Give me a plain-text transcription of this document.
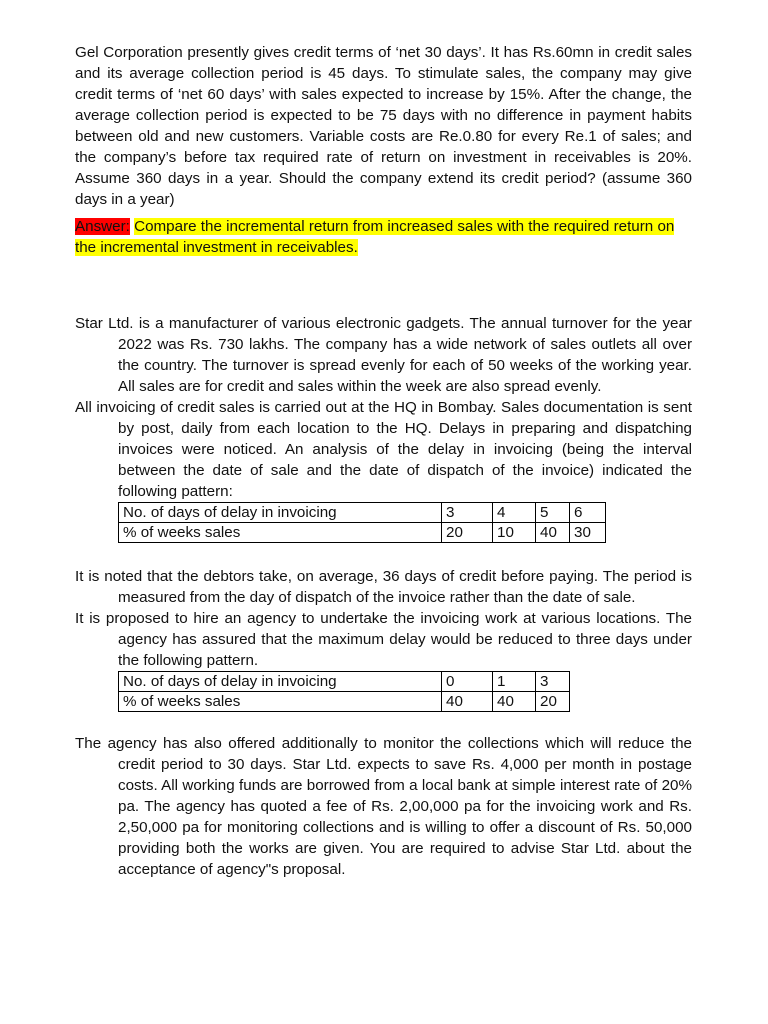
Gel Corporation presently gives credit terms of ‘net 30 days’. It has Rs.60mn in credit sales and its average collection period is 45 days. To stimulate sales, the company may give credit terms of ‘net 60 days’ with sales expected to increase by 15%. After the change, the average collection period is expected to be 75 days with no difference in payment habits between old and new customers. Variable costs are Re.0.80 for every Re.1 of sales; and the company’s before tax required rate of return on investment in receivables is 20%. Assume 360 days in a year. Should the company extend its credit period? (assume 360 days in a year)

Answer: Compare the incremental return from increased sales with the required return on the incremental investment in receivables.

Star Ltd. is a manufacturer of various electronic gadgets. The annual turnover for the year 2022 was Rs. 730 lakhs. The company has a wide network of sales outlets all over the country. The turnover is spread evenly for each of 50 weeks of the working year. All sales are for credit and sales within the week are also spread evenly.

All invoicing of credit sales is carried out at the HQ in Bombay. Sales documentation is sent by post, daily from each location to the HQ. Delays in preparing and dispatching invoices were noticed. An analysis of the delay in invoicing (being the interval between the date of sale and the date of dispatch of the invoice) indicated the following pattern:

No. of days of delay in invoicing	3	4	5	6
% of weeks sales	20	10	40	30

It is noted that the debtors take, on average, 36 days of credit before paying. The period is measured from the day of dispatch of the invoice rather than the date of sale.

It is proposed to hire an agency to undertake the invoicing work at various locations. The agency has assured that the maximum delay would be reduced to three days under the following pattern.

No. of days of delay in invoicing	0	1	3
% of weeks sales	40	40	20

The agency has also offered additionally to monitor the collections which will reduce the credit period to 30 days. Star Ltd. expects to save Rs. 4,000 per month in postage costs. All working funds are borrowed from a local bank at simple interest rate of 20% pa. The agency has quoted a fee of Rs. 2,00,000 pa for the invoicing work and Rs. 2,50,000 pa for monitoring collections and is willing to offer a discount of Rs. 50,000 providing both the works are given. You are required to advise Star Ltd. about the acceptance of agency"s proposal.
